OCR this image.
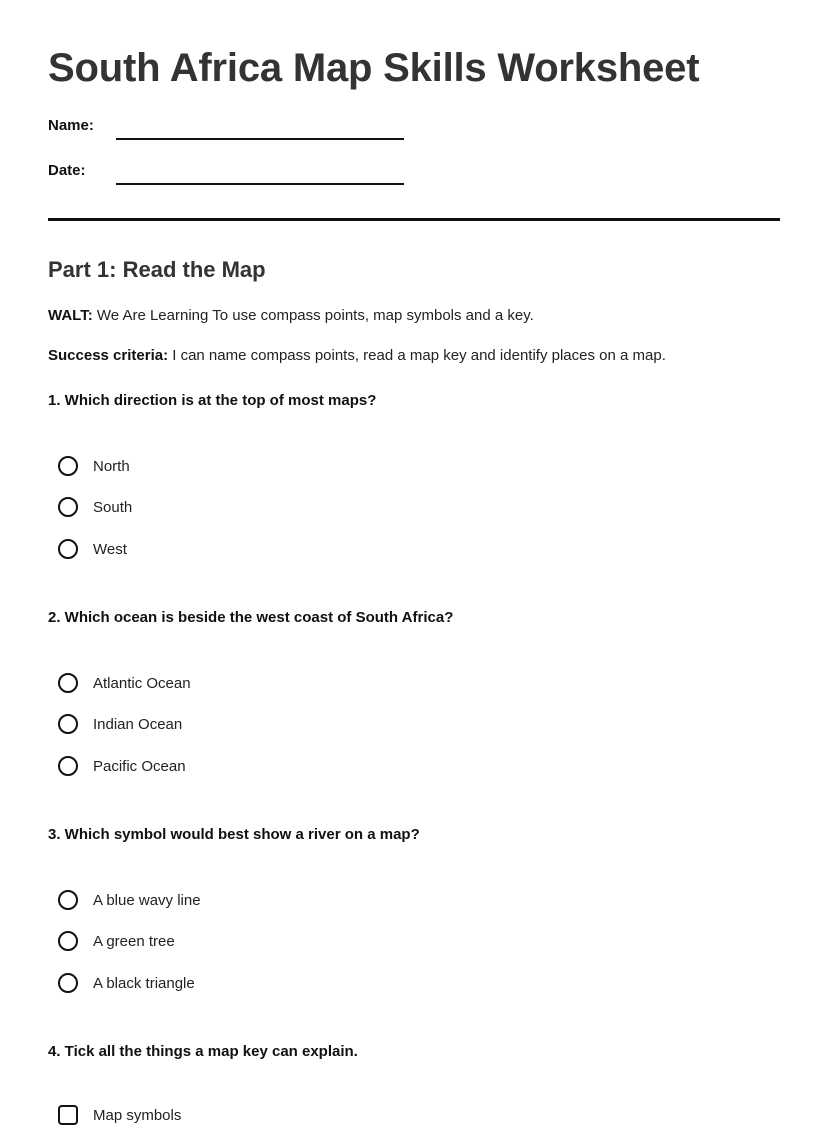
South Africa Map Skills Worksheet
Name:
Date:
Part 1: Read the Map
WALT: We Are Learning To use compass points, map symbols and a key.
Success criteria: I can name compass points, read a map key and identify places on a map.
1. Which direction is at the top of most maps?
North
South
West
2. Which ocean is beside the west coast of South Africa?
Atlantic Ocean
Indian Ocean
Pacific Ocean
3. Which symbol would best show a river on a map?
A blue wavy line
A green tree
A black triangle
4. Tick all the things a map key can explain.
Map symbols
